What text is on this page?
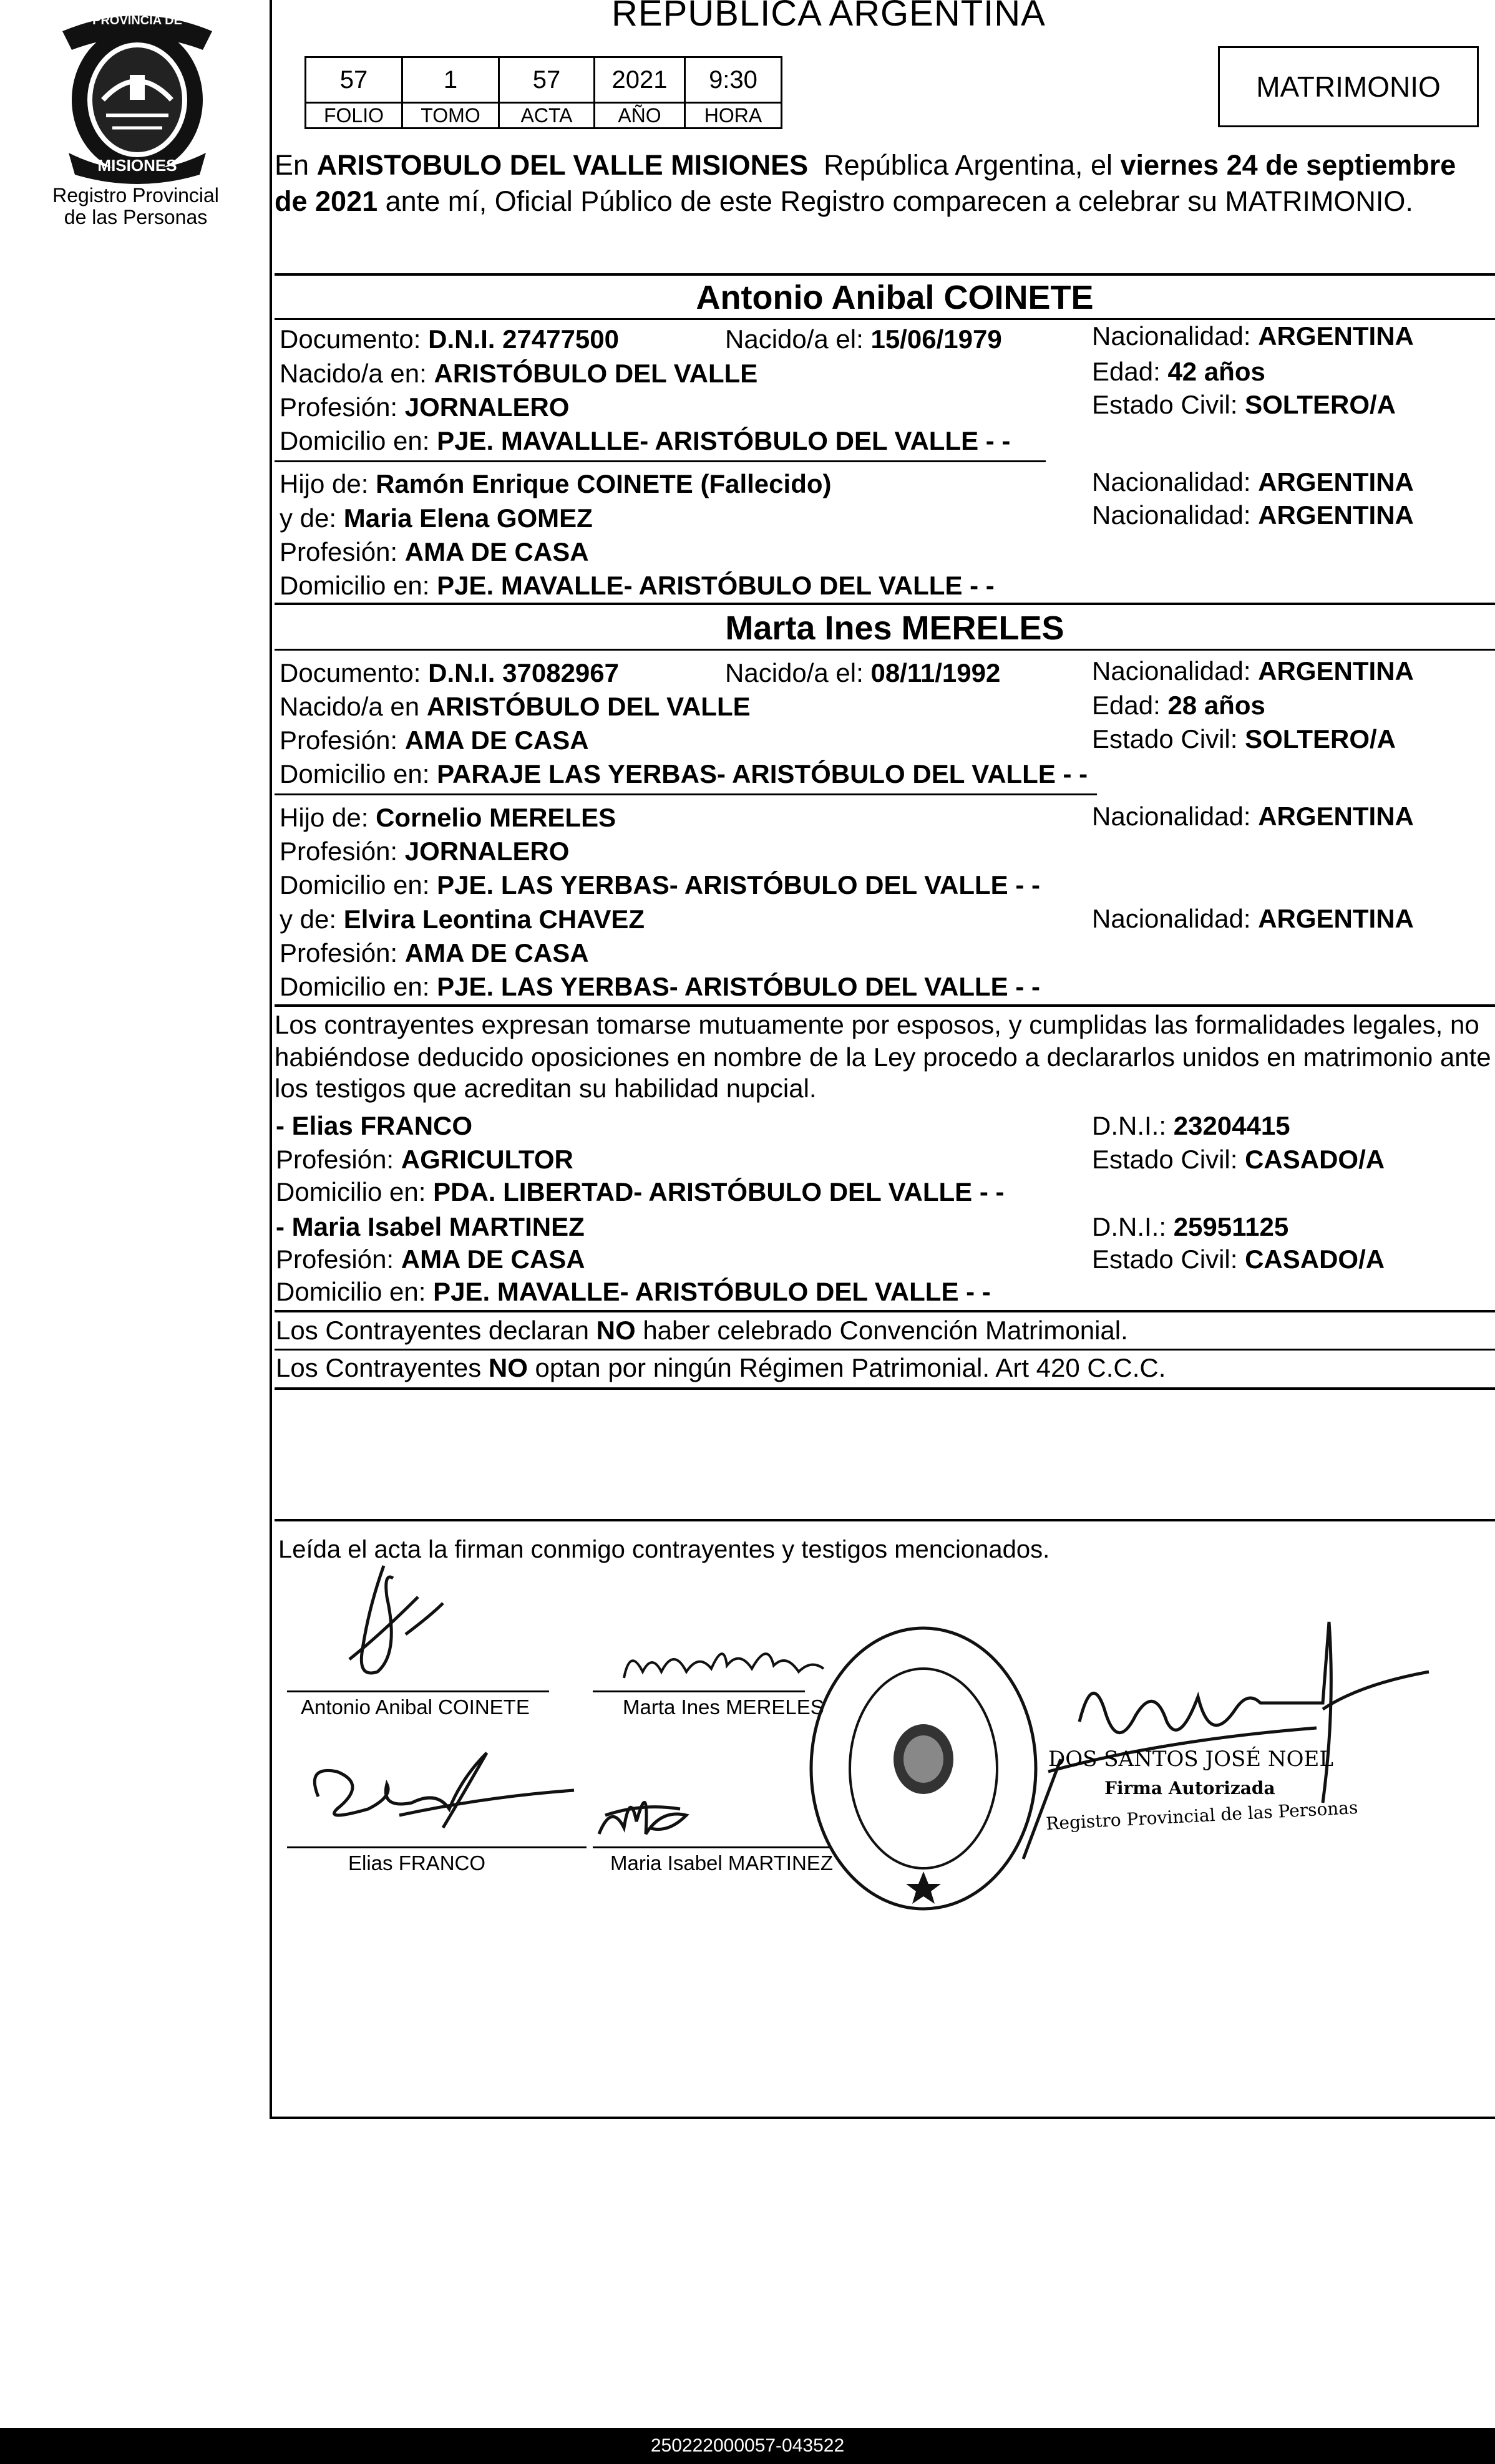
PROVINCIA DE
MISIONES
Registro Provincial
de las Personas
REPUBLICA ARGENTINA
57	1	57	2021	9:30
FOLIO	TOMO	ACTA	AÑO	HORA
MATRIMONIO
En ARISTOBULO DEL VALLE MISIONES República Argentina, el viernes 24 de septiembre
de 2021 ante mí, Oficial Público de este Registro comparecen a celebrar su MATRIMONIO.
Antonio Anibal COINETE
Documento: D.N.I. 27477500	Nacido/a el: 15/06/1979	Nacionalidad: ARGENTINA
Nacido/a en: ARISTÓBULO DEL VALLE	Edad: 42 años
Profesión: JORNALERO	Estado Civil: SOLTERO/A
Domicilio en: PJE. MAVALLLE- ARISTÓBULO DEL VALLE - -
Hijo de: Ramón Enrique COINETE (Fallecido)	Nacionalidad: ARGENTINA
y de: Maria Elena GOMEZ	Nacionalidad: ARGENTINA
Profesión: AMA DE CASA
Domicilio en: PJE. MAVALLE- ARISTÓBULO DEL VALLE - -
Marta Ines MERELES
Documento: D.N.I. 37082967	Nacido/a el: 08/11/1992	Nacionalidad: ARGENTINA
Nacido/a en ARISTÓBULO DEL VALLE	Edad: 28 años
Profesión: AMA DE CASA	Estado Civil: SOLTERO/A
Domicilio en: PARAJE LAS YERBAS- ARISTÓBULO DEL VALLE - -
Hijo de: Cornelio MERELES	Nacionalidad: ARGENTINA
Profesión: JORNALERO
Domicilio en: PJE. LAS YERBAS- ARISTÓBULO DEL VALLE - -
y de: Elvira Leontina CHAVEZ	Nacionalidad: ARGENTINA
Profesión: AMA DE CASA
Domicilio en: PJE. LAS YERBAS- ARISTÓBULO DEL VALLE - -
Los contrayentes expresan tomarse mutuamente por esposos, y cumplidas las formalidades legales, no
habiéndose deducido oposiciones en nombre de la Ley procedo a declararlos unidos en matrimonio ante
los testigos que acreditan su habilidad nupcial.
- Elias FRANCO	D.N.I.: 23204415
Profesión: AGRICULTOR	Estado Civil: CASADO/A
Domicilio en: PDA. LIBERTAD- ARISTÓBULO DEL VALLE - -
- Maria Isabel MARTINEZ	D.N.I.: 25951125
Profesión: AMA DE CASA	Estado Civil: CASADO/A
Domicilio en: PJE. MAVALLE- ARISTÓBULO DEL VALLE - -
Los Contrayentes declaran NO haber celebrado Convención Matrimonial.
Los Contrayentes NO optan por ningún Régimen Patrimonial. Art 420 C.C.C.
Leída el acta la firman conmigo contrayentes y testigos mencionados.
Antonio Anibal COINETE	Marta Ines MERELES
Elias FRANCO	Maria Isabel MARTINEZ
DOS SANTOS JOSÉ NOEL
Firma Autorizada
Registro Provincial de las Personas
250222000057-043522
